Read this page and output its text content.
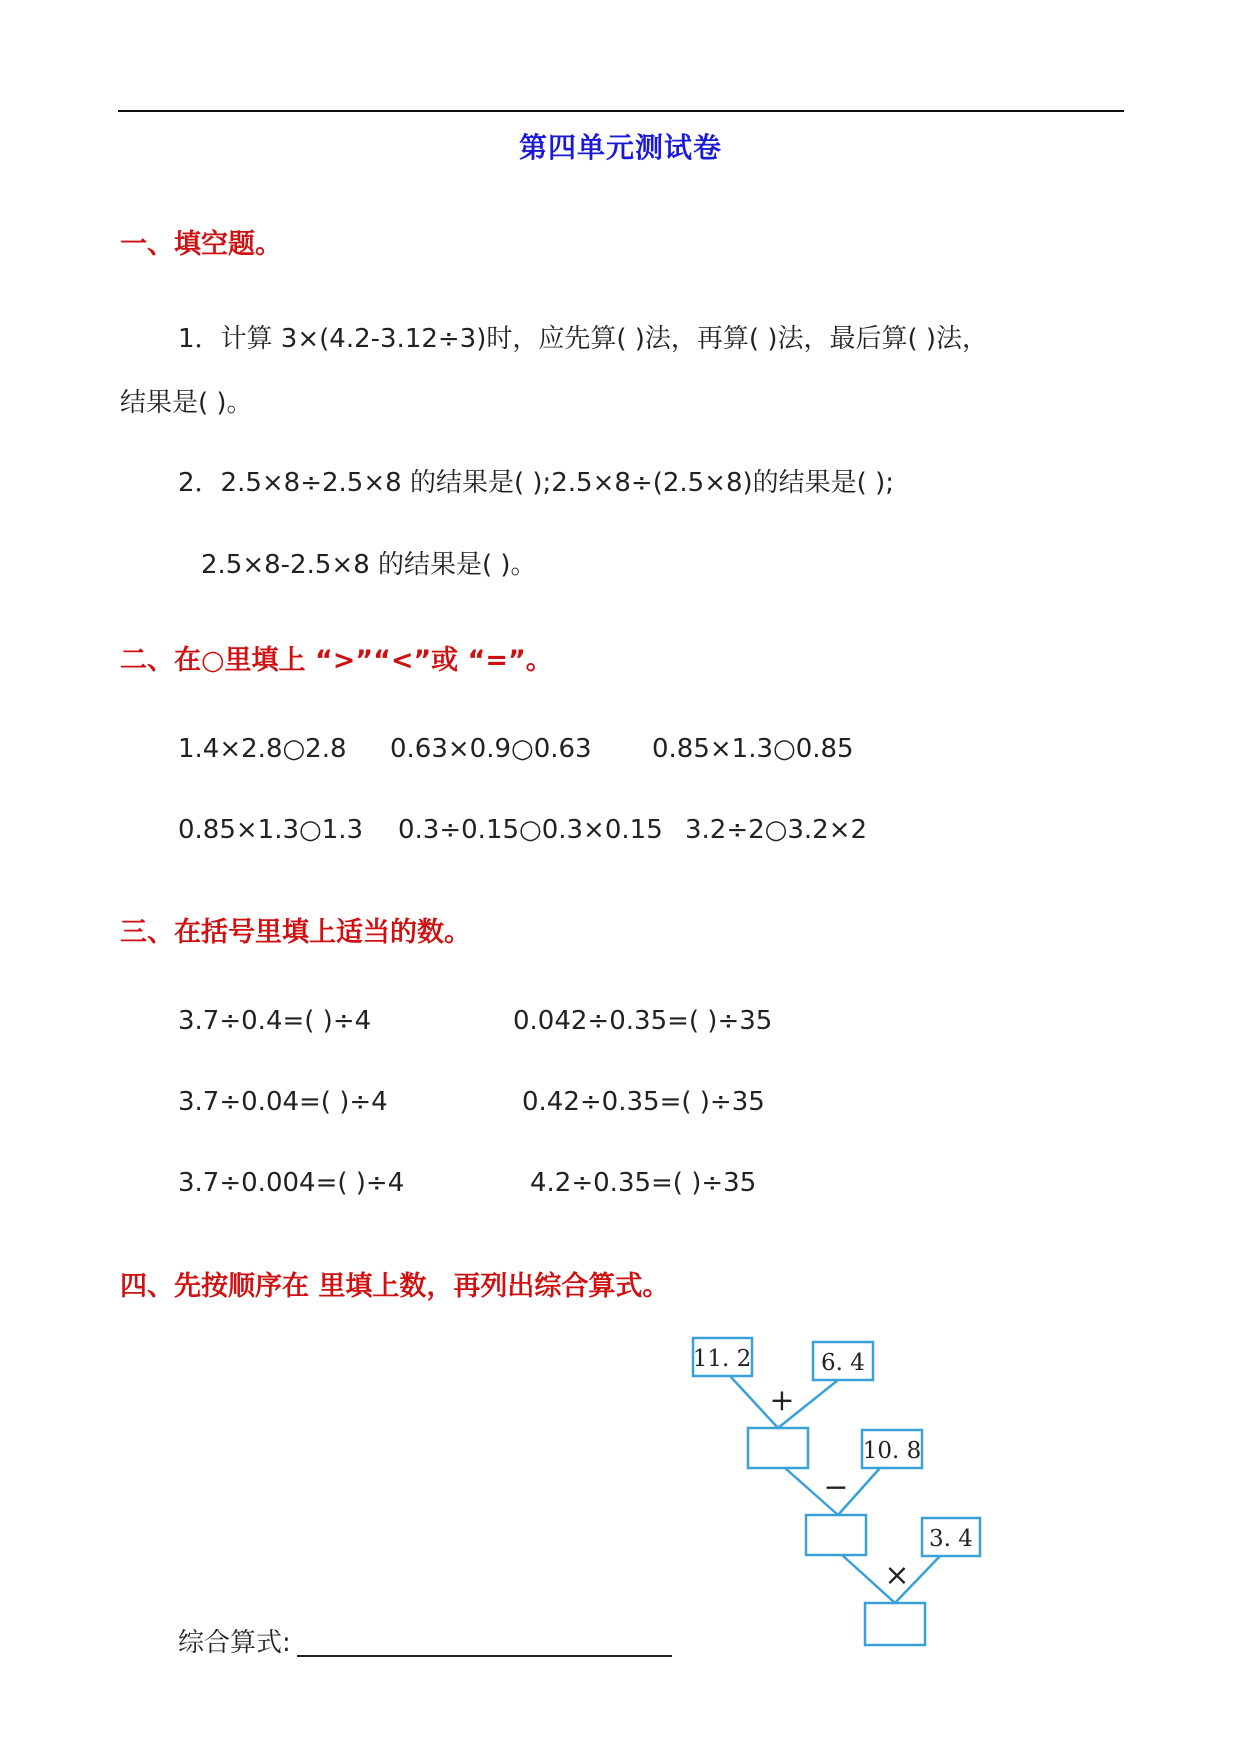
第四单元测试卷
一、填空题。
1．计算 3×(4.2-3.12÷3)时，应先算( )法，再算( )法，最后算( )法，
结果是( )。
2．2.5×8÷2.5×8 的结果是( );2.5×8÷(2.5×8)的结果是( );
2.5×8-2.5×8 的结果是( )。
二、在○里填上 “>”“<”或 “=”。
1.4×2.8○2.8 0.63×0.9○0.63 0.85×1.3○0.85
0.85×1.3○1.3 0.3÷0.15○0.3×0.15 3.2÷2○3.2×2
三、在括号里填上适当的数。
3.7÷0.4=( )÷4	0.042÷0.35=( )÷35
3.7÷0.04=( )÷4	0.42÷0.35=( )÷35
3.7÷0.004=( )÷4	4.2÷0.35=( )÷35
四、先按顺序在 里填上数，再列出综合算式。
11. 2	6. 4
10. 8
3. 4
+
−
×
综合算式:
